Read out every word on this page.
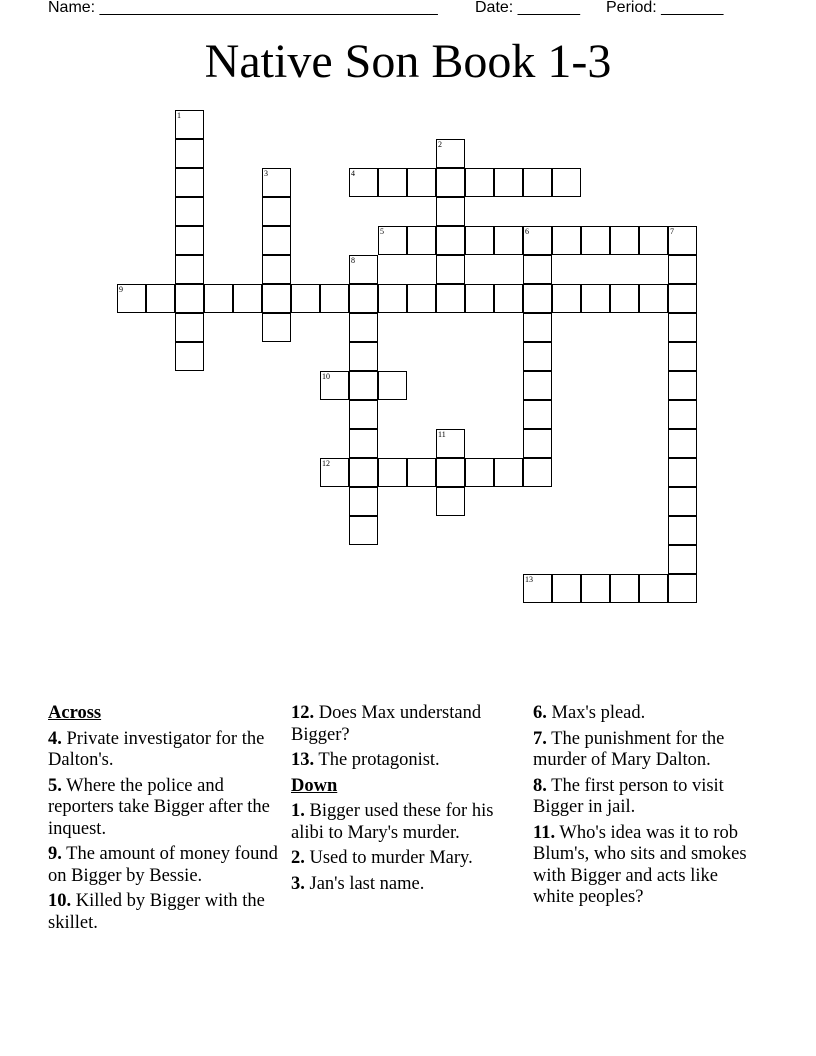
Name: ______________________________________ Date: _______ Period: _______
Native Son Book 1-3
1
2
3	4
5	6	7
8
9
10
11
12
13
Across
4. Private investigator for the Dalton's.
5. Where the police and reporters take Bigger after the inquest.
9. The amount of money found on Bigger by Bessie.
10. Killed by Bigger with the skillet.
12. Does Max understand Bigger?
13. The protagonist.
Down
1. Bigger used these for his alibi to Mary's murder.
2. Used to murder Mary.
3. Jan's last name.
6. Max's plead.
7. The punishment for the murder of Mary Dalton.
8. The first person to visit Bigger in jail.
11. Who's idea was it to rob Blum's, who sits and smokes with Bigger and acts like white peoples?
